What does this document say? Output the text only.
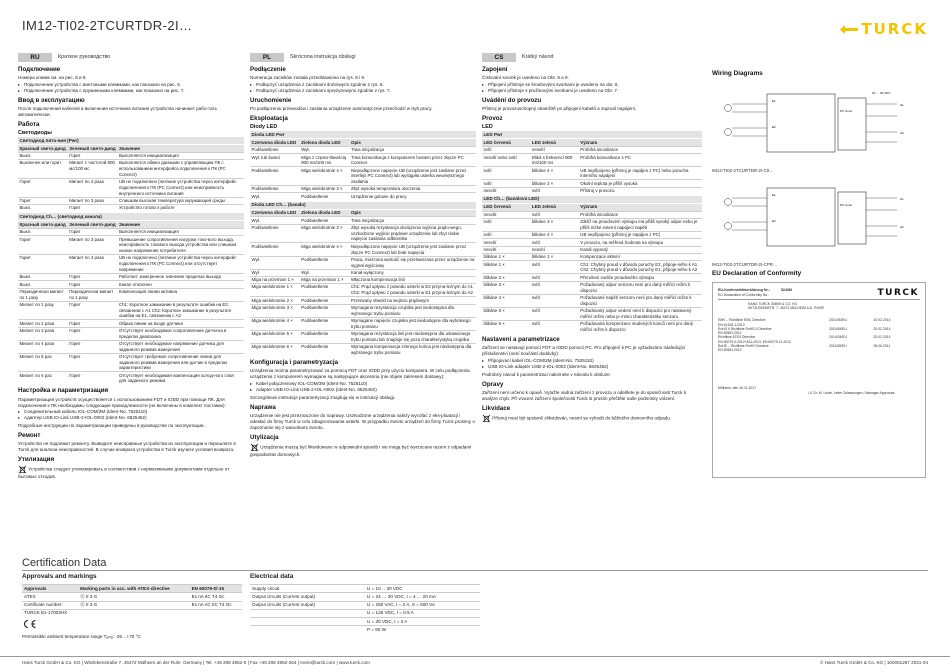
IM12-TI02-2TCURTDR-2I…	TURCK
RU	Краткое руководство
Подключение

Номера клемм см. на рис. 8 и 9.

▸ Подключение устройства с винтовыми клеммами, как показано на рис. 6.
▸ Подключение устройства с пружинными клеммами, как показано на рис. 7.
Ввод в эксплуатацию

После подключения кабелей и включения источника питания устройство начинает рабо-тать автоматически.

Работа
Светодиоды
Светодиод пита-ния (Pwr)
Красный свето-диод	Зеленый свето-диод	Значение
Выкл.	Горит	Выполняется инициализация
Выключен или горит	Мигает с частотой 900 мс/100 мс	Выполняется обмен данными с управляющим ПК с использованием интерфейса подключения к ПК (PC Connect)
Горит	Мигает по 4 раза	UВ не подключено (питание устройства через интерфейс подключения к ПК (PC Connect) или неисправность внутреннего источника питания
Горит	Мигает по 3 раза	Слишком высокая температура окружающей среды
Выкл.	Горит	Устройство готово к работе
Светодиод Ch… (светодиод канала)
Красный свето-диод	Зеленый свето-диод	Значение
Выкл.	Горит	Выполняется инициализация
Горит	Мигает по 3 раза	Превышение сопротивления нагрузки токо-вого выхода, неисправность токового выхода устройства или слишком низкое напряжение потребителя
Горит	Мигает по 4 раза	UВ не подключено (питание устройства через интерфейс подключения к ПК (PC Connect) или отсутствует напряжение
Выкл.	Горит	Работает, измеренное значение пределах выхода
Выкл.	Горит	Канал отключен
Периодически мигает по 1 разу	Периодически мигает по 1 разу	Компенсация линии активна
Мигает по 1 разу	Горит	Ch1: Короткое замыкание в результате ошибки на E2, связанном с A1 Ch2: Короткое замыкание в результате ошибки на E1, связанном с A2
Мигает по 2 раза	Горит	Обрыв линии на входе датчика
Мигает по 3 раза	Горит	Отсутствует необходимое сопротивление датчи-ка в пределах диапазона
Мигает по 4 раза	Горит	Отсутствует необходимое напряжение датчика для заданного режима измерения
Мигает по 5 раз	Горит	Отсутствует требуемое сопротивление линии для заданного режима измерения или датчик в пределах характеристики
Мигает по 6 раз	Горит	Отсутствует необходимая компенсация холод-ного спая для заданного режима
Настройка и параметризация

Параметризация устройств осуществляется с использованием FDT и IODD при помощи ПК. Для подключения к ПК необходимы следующие принадлежности (не включены в комплект поставки):

▸ Соединительный кабель IOL-COM/3M (Ident-No. 7525110)
▸ Адаптер USB IO-Link USB-2-IOL-0002 (Ident-No. 6825482)

Подробные инструкции по параметризации приведены в руководстве по эксплуатации.

Ремонт

Устройство не подлежит ремонту. Выведите неисправные устройства из эксплуатации и перешлите в Turck для анализа неисправностей. В случае возврата устройства в Turck изучите условия возврата.

Утилизация

Устройства следует утилизировать в соответствии с нормативными документами отдельно от бытовых отходов.

PL	Skrócona instrukcja obsługi
Podłączenie

Numeracja zacisków została przedstawiona na rys. 8 i 9.

▸ Podłączyć urządzenia z zaciskami śrubowymi zgodnie z rys. 6.
▸ Podłączyć urządzenia z zaciskami sprężynowymi zgodnie z rys. 7.
Uruchomienie

Po podłączeniu przewodów i zasilania urządzenie automatycznie przechodzi w tryb pracy.

Eksploatacja
Diody LED
Dioda LED Pwr
Czerwona dioda LED	Zielona dioda LED	Opis
Podświetlenie	Wył.	Trwa inicjalizacja
Wył. lub świeci	Miga z często-tliwością 900 ms/100 ms	Trwa komunikacja z komputerem hostem przez złącze PC Connect
Podświetlenie	Miga wielokrotnie 4 ×	Niepodłączone napięcie UB (urządzenie jest zasilane przez interfejs PC Connect) lub wystąpiła usterka wewnętrznego zasilania
Podświetlenie	Miga wielokrotnie 3 ×	Zbyt wysoka temperatura otoczenia
Wył.	Podświetlenie	Urządzenie gotowe do pracy
Dioda LED Ch… (kanału)
Czerwona dioda LED	Zielona dioda LED	Opis
Wył.	Podświetlenie	Trwa inicjalizacja
Podświetlenie	Miga wielokrotnie 3 ×	Zbyt wysoka rezystancja obciążenia wyjścia prądo-wego, uszkodzone wyjście prądowe urządzenia lub zbyt niskie napięcie zasilania odbiornika
Podświetlenie	Miga wielokrotnie 4 ×	Niepodłączone napięcie UB (urządzenie jest zasilane przez złącze PC Connect) lub brak napięcia
Wył.	Podświetlenie	Praca, mierzona wartość się przetwarzana przez urządzenie na sygnał wyjściowy
Wył.	Wył.	Kanał wyłączony
Miga na przemian 1 ×	Miga na przemian 1 ×	Włączona kompensacja linii
Miga wielokrotnie 1 ×	Podświetlenie	Ch1: Prąd upływu z powodu usterki w E2 przyna-leżnym do A1 Ch2: Prąd upływu z powodu usterki w E1 przyna-leżnym do A2
Miga wielokrotnie 2 ×	Podświetlenie	Przerwany obwód na wejściu prądowym
Miga wielokrotnie 3 ×	Podświetlenie	Wymagana rezystancja czujnika jest niedostępna dla wybranego trybu pomiaru
Miga wielokrotnie 4 ×	Podświetlenie	Wymagane napięcie czujnika jest niedostępne dla wybranego trybu pomiaru
Miga wielokrotnie 5 ×	Podświetlenie	Wymagana rezystancja linii jest niedostępna dla ustawionego trybu pomiaru lub znajduje się poza charakterystyką czujnika
Miga wielokrotnie 6 ×	Podświetlenie	Wymagana kompensacja zimnego końca jest niedostępna dla wybranego trybu pomiaru
Konfiguracja i parametryzacja

Urządzenia można parametryzować za pomocą FDT oraz IODD przy użyciu komputera. W celu podłączenia urządzenia z komputerem wymagane są następujące akcesoria (nie objete zakresem dostawy):

▸ Kabel połączeniowy IOL-COM/3M (Ident-No. 7525110)
▸ Adapter USB IO-Link USB-2-IOL-0002 (Ident-No. 6825482)

Szczegółowe instrukcje parametryzacji znajdują się w instrukcji obsługi.

Naprawa

Urządzenie nie jest przeznaczone do naprawy. Uszkodzone urządzenia należy wycofać z eks-ploatacji i odesłać do firmy Turck w celu zdiagnozowania usterki. W przypadku zwrotu urządzeń do firmy Turck prosimy o zapoznanie się z warunkami zwrotu.

Utylizacja

Urządzenia muszą być likwidowane w odpowiedni sposób i nie mogą być wyrzucane razem z odpadami gospodarstw domowych.

CS	Krátký návod
Zapojení

Číslování svorek je uvedeno na Obr. 8 a 9.

▸ Připojení přístroje se šroubovými svorkami je uvedeno na obr. 6.
▸ Připojení přístroje s pružinovými svorkami je uvedeno na Obr. 7.
Uvádění do provozu

Přístroj je provozuschopný okamžitě po připojení kabelů a zapnutí napájení.

Provoz
LED
LED Pwr
LED červená	LED zelená	Význam
svítí	nesvítí	Probíhá inicializace
nesvítí nebo svítí	Bliká s frekvencí 900 ms/100 ms	Probíhá komunikace s PC
svítí	blikáne 4 ×	UB nepřipojeno (přístroj je napájen z PC) nebo porucha interního napájení
svítí	blikáne 3 ×	Okolní teplota je příliš vysoká
nesvítí	svítí	Přístroj v provozu
LED Ch… (kanálová LED)
LED červená	LED zelená	Význam
nesvítí	svítí	Probíhá inicializace
svítí	blikáne 3 ×	Zátěž na proudovém výstupu má příliš vysoký odpor nebo je příliš nízké externí napájecí napětí
svítí	blikáne 4 ×	UB nepřipojeno (přístroj je napájen z PC)
nesvítí	svítí	V provozu, na měřená hodnota na výstupu
nesvítí	nesvítí	Kanál vypnutý
blikáne 1 ×	blikáne 1 ×	Kompenzace aktivní
blikáne 1 ×	svítí	Ch1: Chybný proud v důvodu poruchy E2, připoje-ného k A1 Ch2: Chybný proud v důvodu poruchy E1, připoje-ného k A2
blikáne 2 ×	svítí	Přerušení vodiče proudového výstupu
blikáne 3 ×	svítí	Požadovaný odpor senzoru není pro daný měřicí režim k dispozici
blikáne 4 ×	svítí	Požadované napětí senzoru není pro daný měřicí režim k dispozici
blikáne 5 ×	svítí	Požadovaný odpor vedení není k dispozici pro nastavený měřicí režim nebo je mimo charakteristiku senzoru
blikáne 6 ×	svítí	Požadovaná kompenzace studených konců není pro daný měřicí režim k dispozici
Nastavení a parametrizace

Zařízení se nastavují pomocí FDT a IODD pomocí PC. Pro připojení k PC je vyžadováno následující příslušenství (není součástí dodávky):

▸ Připojovací kabel IOL-COM/3M (Ident-No. 7525110)
▸ USB IO-Link adaptér USB-2-IOL-0002 (Ident-No. 6825482)

Podrobný návod k parametrizaci naleznete v návodu k obsluze.

Opravy

Zařízení není určeno k opavě. Vytažte vadná zařízení z provozu a odešlete je do společnosti Turck k analýze chyb. Při vracení zařízení společnosti Turck si prosím přečtěte naše podmínky vrácení.

Likvidace

Přístroj musí být správně zlikvidován, nesmí se vyhodit do běžného domovního odpadu.

Wiring Diagrams
E1
E2
PC Conn.
A1
A2
10 … 30 VDC
IM12-TI02-2TCURTDR-2I-C0…
E1
E2
PC Conn.
A1
A2
IM12-TI02-2TCURTDR-2I-CPR…
EU Declaration of Conformity
TURCK
EU-Konformitätserklärung Nr.:	5243M
EU Declaration of Conformity No.:
HANS TURCK GMBH & CO. KG
WITZLEBENSTR. 7, 45472 MÜLHEIM A.D. RUHR
EMV – Richtlinie EMC Directive	2014/30/EU	20.02.2014
EN 61326-1:2013
RoHS II Richtlinie RoHS II Directive	2011/65/EU	20.02.2014
EN 50581:2012
Richtlinie ATEX Directive	2014/34/EU	20.02.2014
EN 60079-0:2012+A11:2013, EN 60079-11:2012
RoHS – Richtlinie RoHS Directive	2011/65/EU	08.06.2011
EN 50581:2012
Mülheim, den 16.11.2017
i.V. Dr. M. Linde, Leiter Zulassungen / Manager Approvals
Certification Data
Approvals and markings
Approvals	Marking parts in acc. with ATEX-directive	EN 60079-0/-15
ATEX	Ⓔ II 3 G	Ex nA IIC T4 Gc
Certificate number:	Ⓔ II 3 G	Ex nA nC IIC T4 Gc
TURCK Ex-17003HX		
Permissible ambient temperature range Tₐₘᵦ: -25…+70 °C
Electrical data
Supply circuit	U = 10… 30 VDC
Output circuits (Current output)	U = 24 … 30 VDC, I = 4 … 20 mA
Output circuits (Current output)	U = 250 VAC, I = 2 A, S = 500 VA
	U = 125 VDC, I = 0.5 A
	U = 30 VDC, I = 2 A
	P = 60 W
Hans Turck GmbH & Co. KG | Witzlebenstraße 7, 45472 Mülheim an der Ruhr, Germany | Tel. +49 208 4952-0 | Fax +49 208 4952-264 | more@turck.com | www.turck.com	© Hans Turck GmbH & Co. KG | 100001267 2021-04
